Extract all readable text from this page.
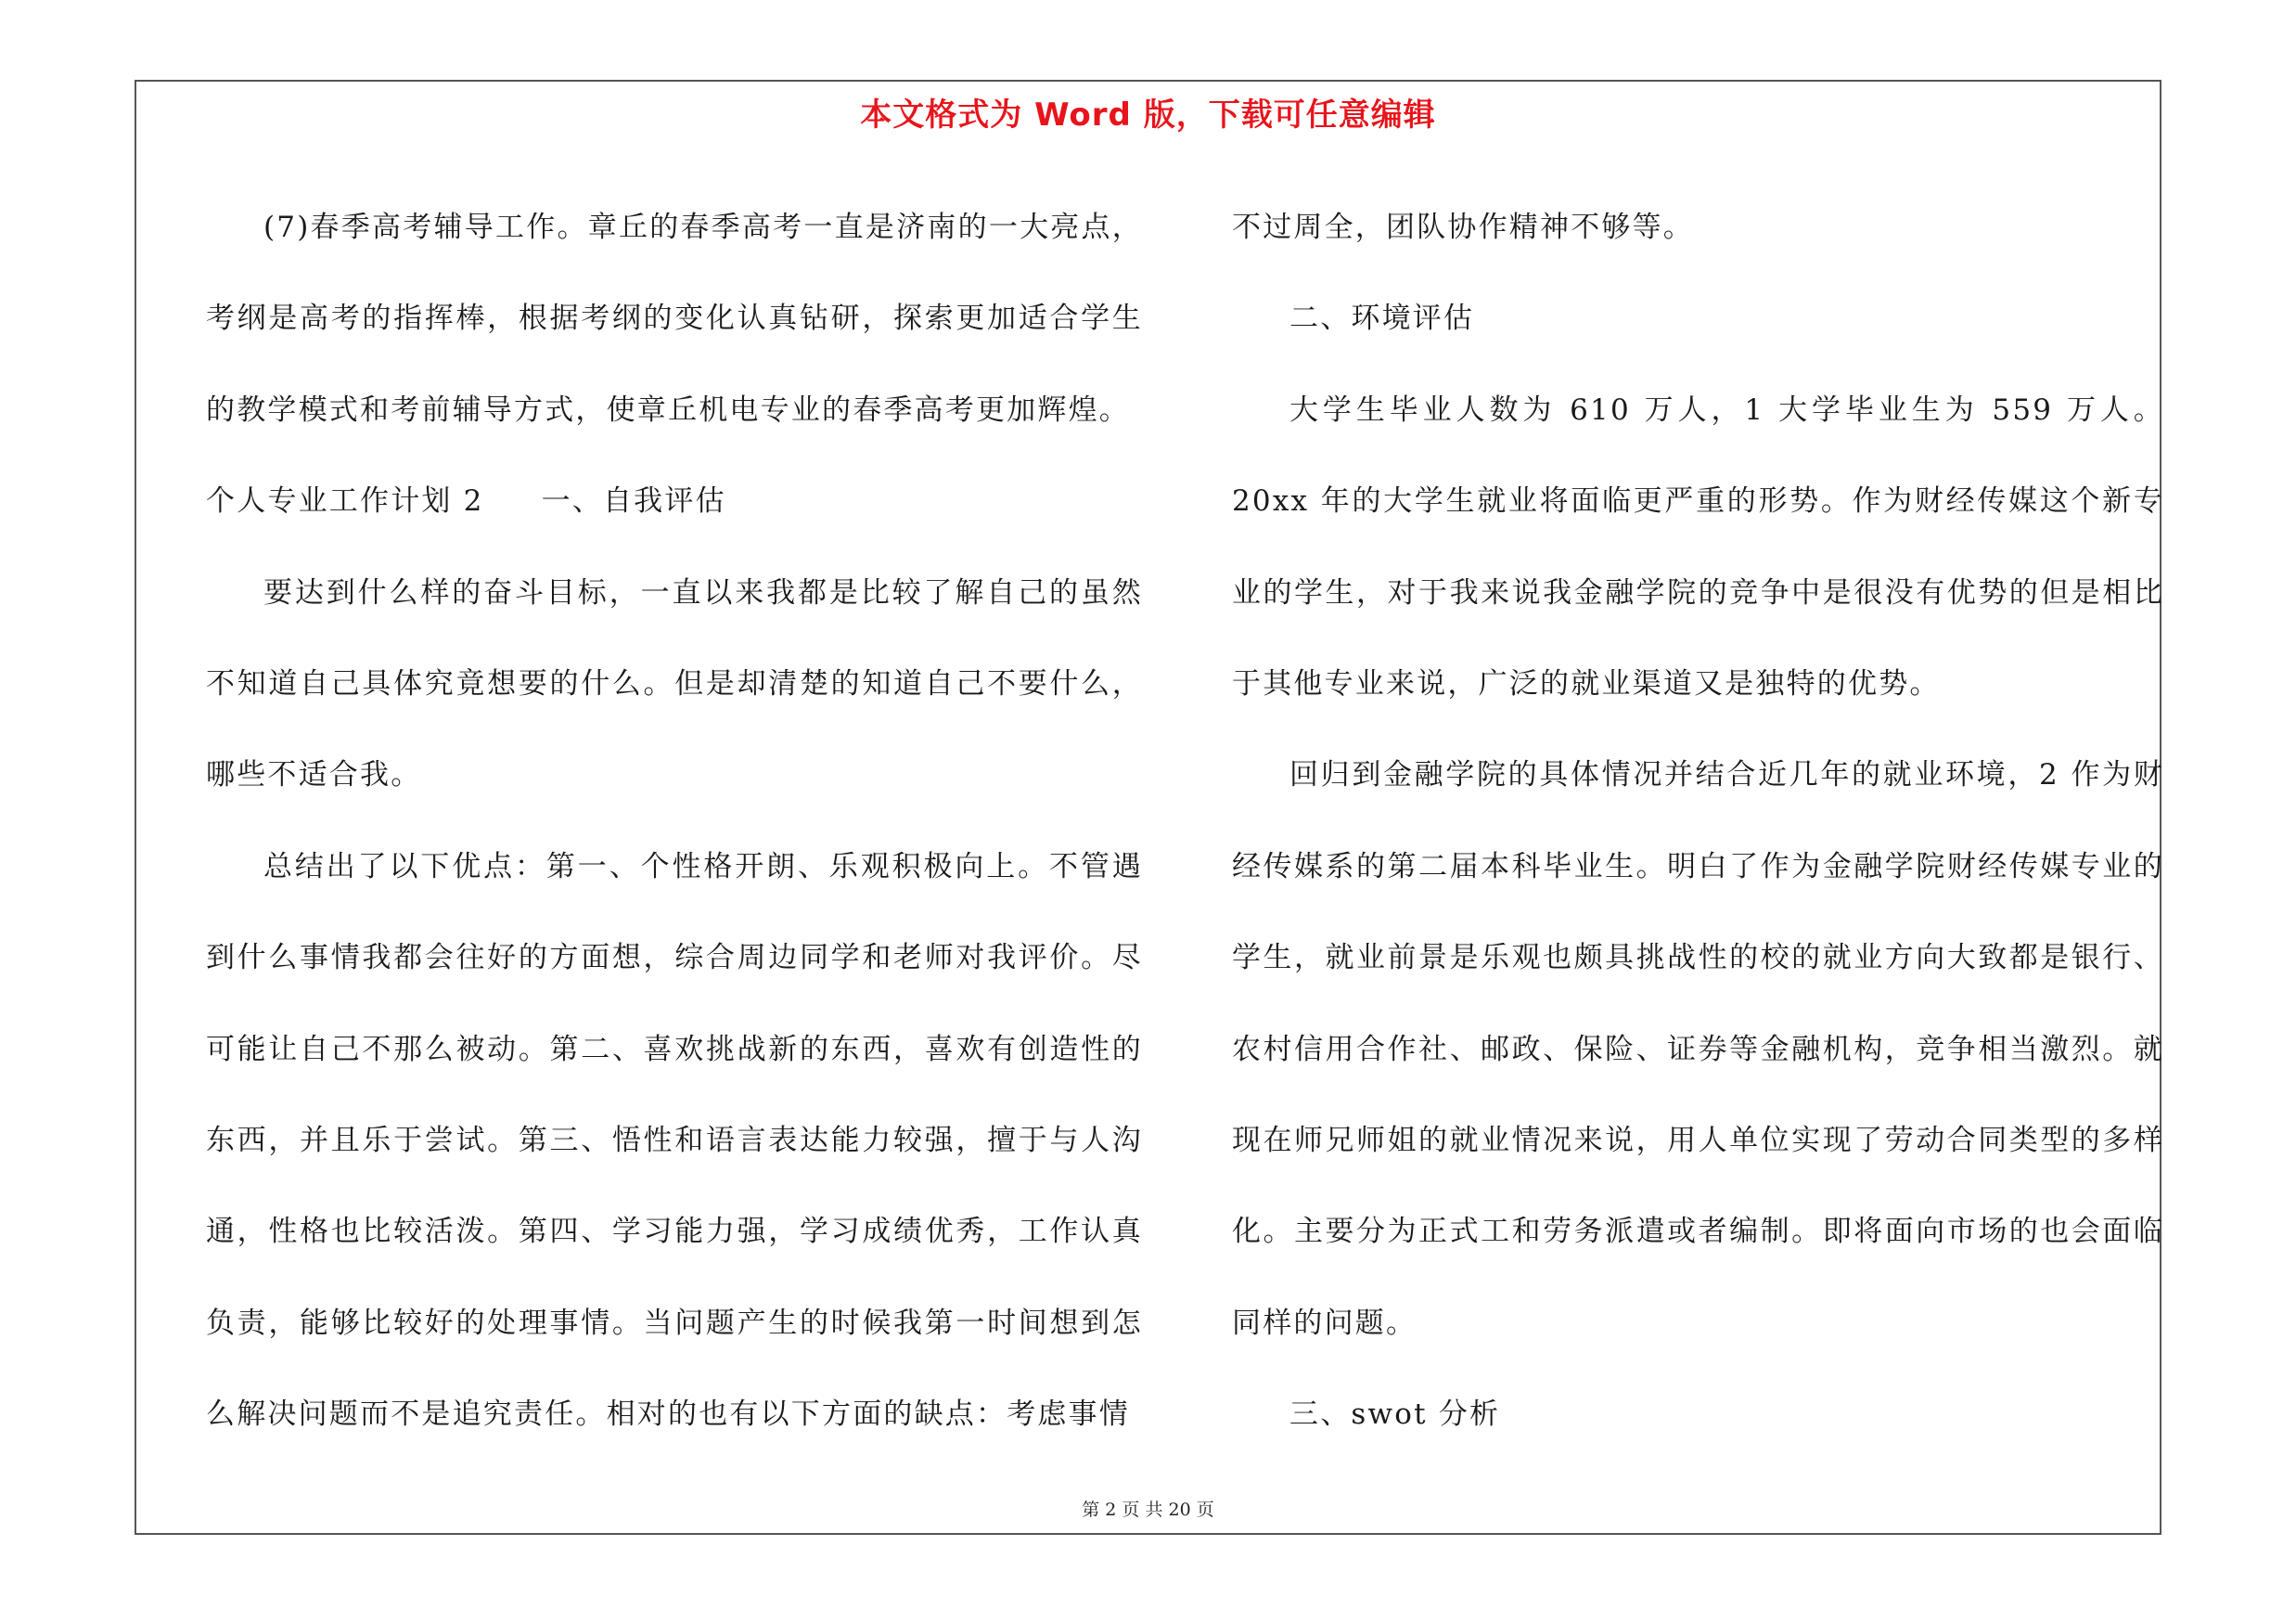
本文格式为 Word 版，下载可任意编辑

(7)春季高考辅导工作。章丘的春季高考一直是济南的一大亮点，考纲是高考的指挥棒，根据考纲的变化认真钻研，探索更加适合学生的教学模式和考前辅导方式，使章丘机电专业的春季高考更加辉煌。

个人专业工作计划 2 一、自我评估

要达到什么样的奋斗目标，一直以来我都是比较了解自己的虽然不知道自己具体究竟想要的什么。但是却清楚的知道自己不要什么，哪些不适合我。

总结出了以下优点：第一、个性格开朗、乐观积极向上。不管遇到什么事情我都会往好的方面想，综合周边同学和老师对我评价。尽可能让自己不那么被动。第二、喜欢挑战新的东西，喜欢有创造性的东西，并且乐于尝试。第三、悟性和语言表达能力较强，擅于与人沟通，性格也比较活泼。第四、学习能力强，学习成绩优秀，工作认真负责，能够比较好的处理事情。当问题产生的时候我第一时间想到怎么解决问题而不是追究责任。相对的也有以下方面的缺点：考虑事情

不过周全，团队协作精神不够等。

二、环境评估

大学生毕业人数为 610 万人，1 大学毕业生为 559 万人。20xx 年的大学生就业将面临更严重的形势。作为财经传媒这个新专业的学生，对于我来说我金融学院的竞争中是很没有优势的但是相比于其他专业来说，广泛的就业渠道又是独特的优势。

回归到金融学院的具体情况并结合近几年的就业环境，2 作为财经传媒系的第二届本科毕业生。明白了作为金融学院财经传媒专业的学生，就业前景是乐观也颇具挑战性的校的就业方向大致都是银行、农村信用合作社、邮政、保险、证券等金融机构，竞争相当激烈。就现在师兄师姐的就业情况来说，用人单位实现了劳动合同类型的多样化。主要分为正式工和劳务派遣或者编制。即将面向市场的也会面临同样的问题。

三、swot 分析

第 2 页 共 20 页
